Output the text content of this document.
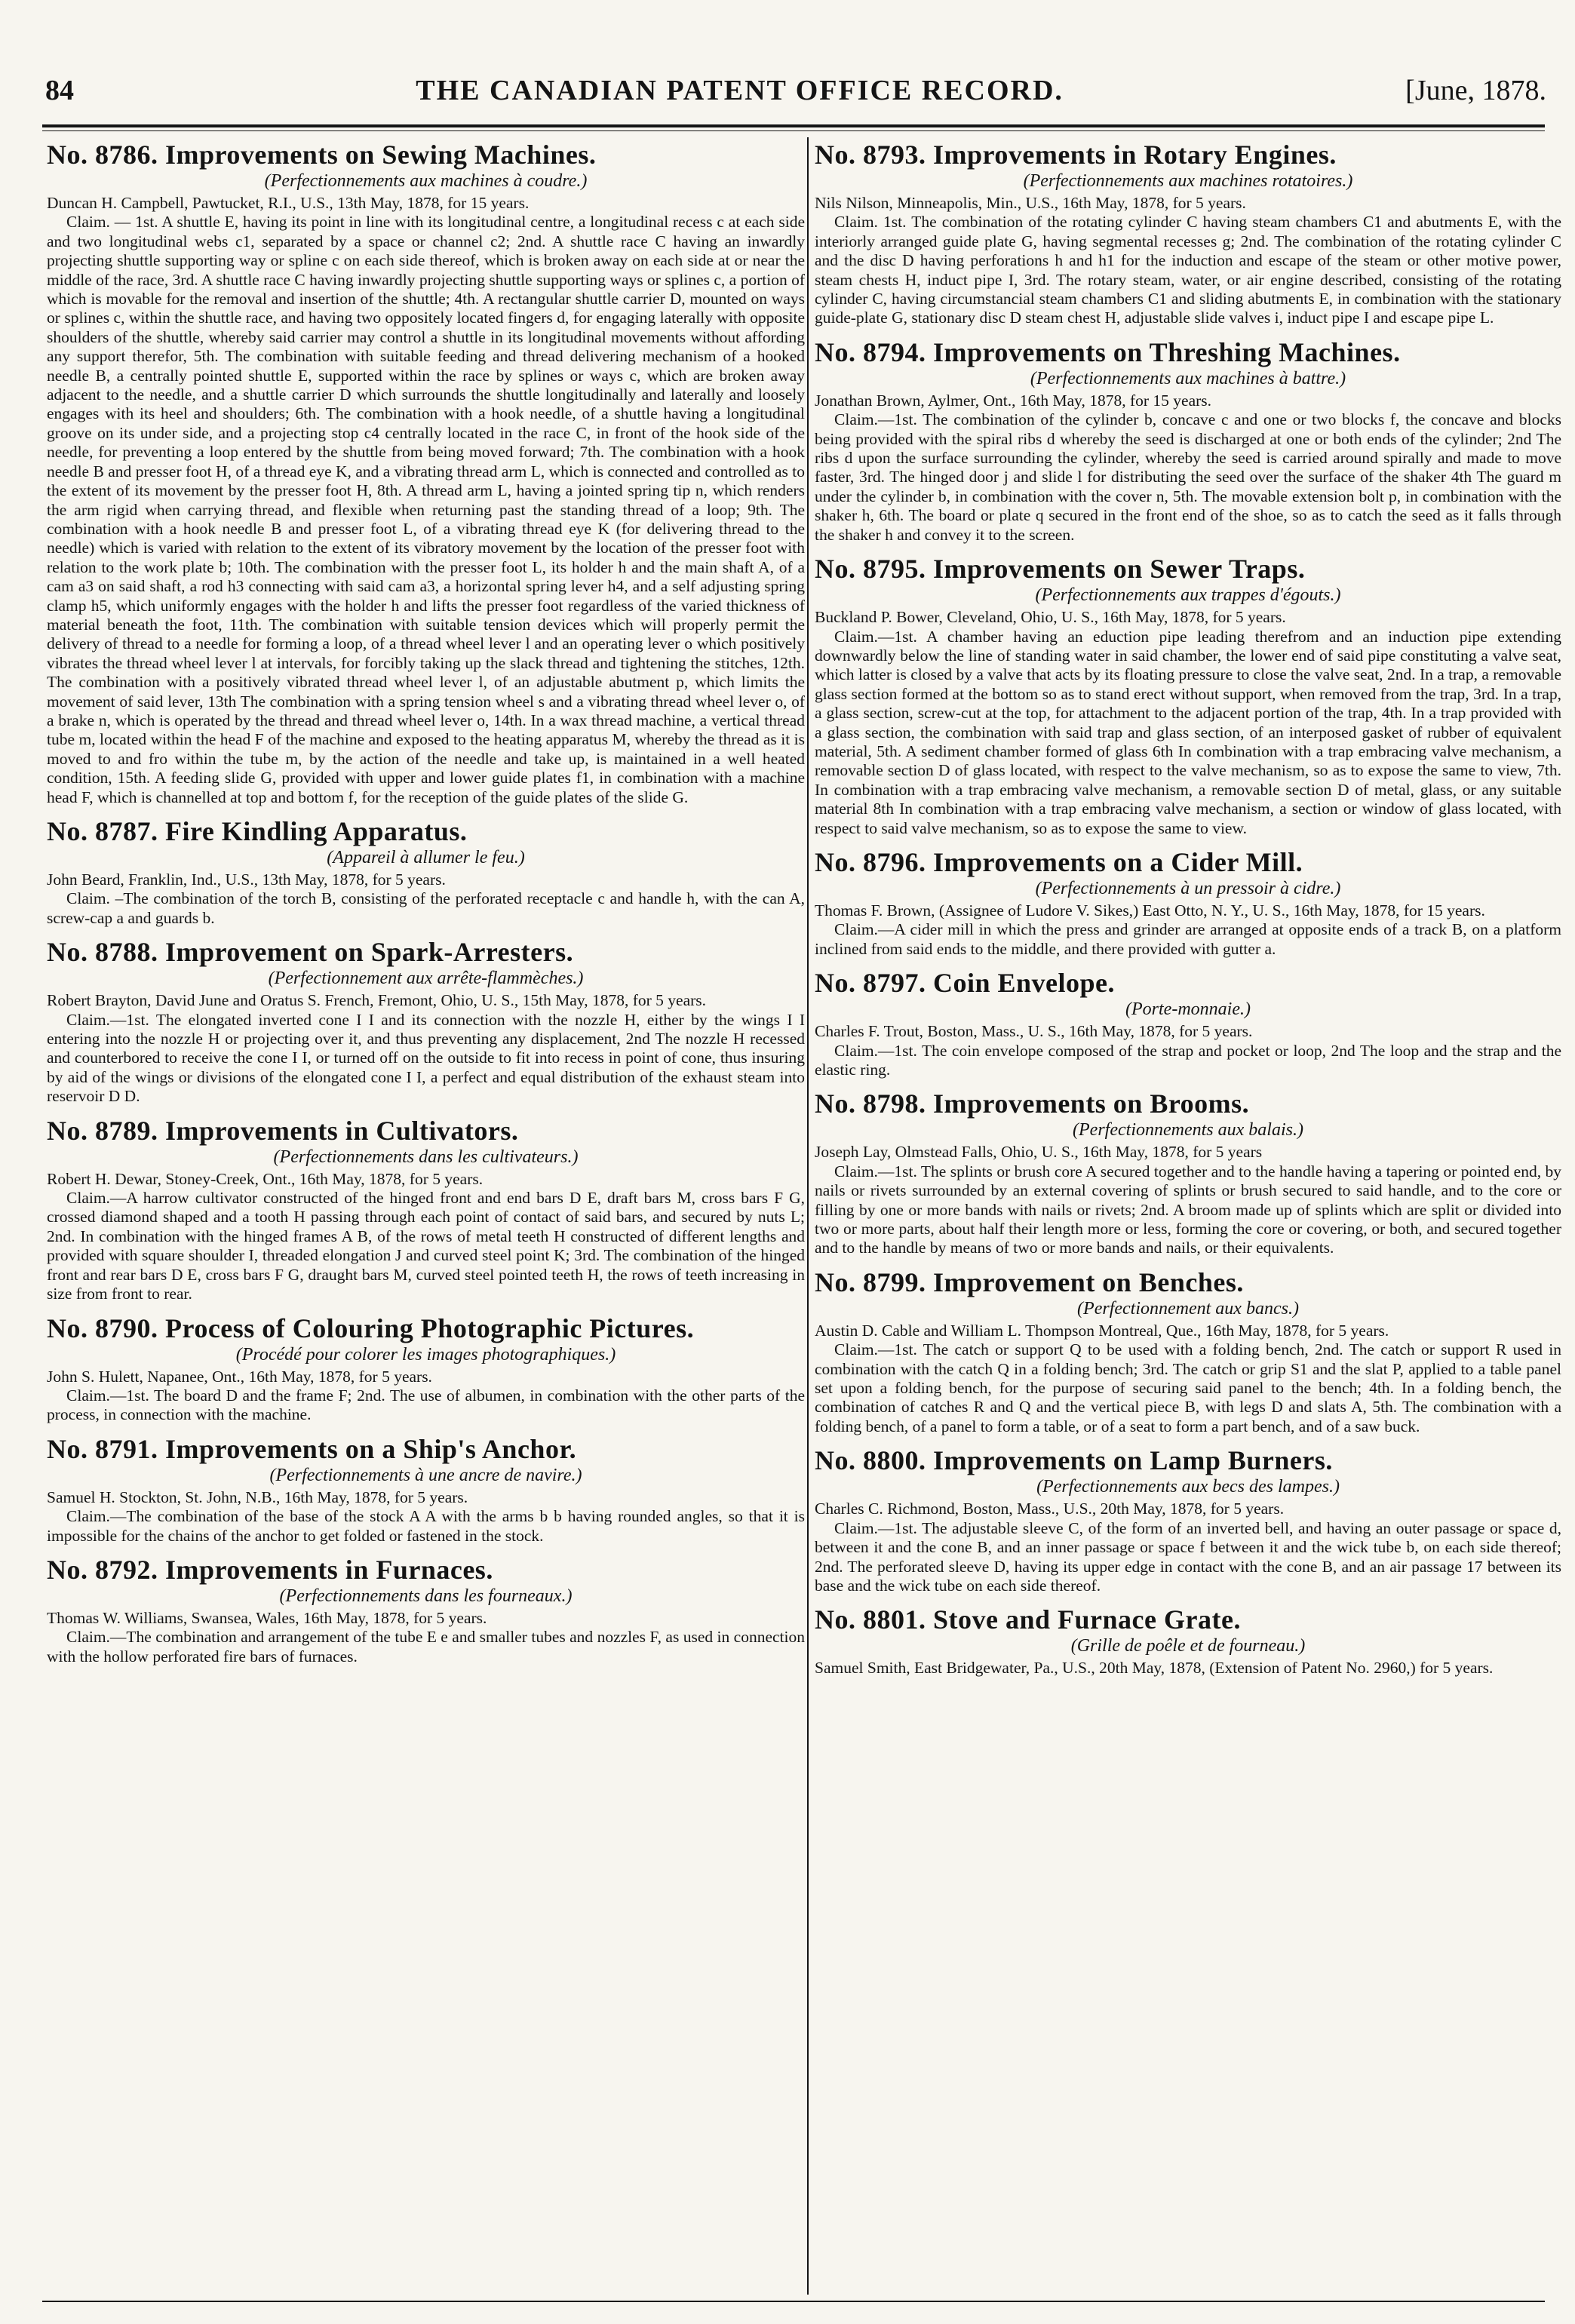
84	THE CANADIAN PATENT OFFICE RECORD.	[June, 1878.
No. 8786. Improvements on Sewing Machines.
(Perfectionnements aux machines à coudre.)

Duncan H. Campbell, Pawtucket, R.I., U.S., 13th May, 1878, for 15 years.

Claim. — 1st. A shuttle E, having its point in line with its longitudinal centre, a longitudinal recess c at each side and two longitudinal webs c1, separated by a space or channel c2; 2nd. A shuttle race C having an inwardly projecting shuttle supporting way or spline c on each side thereof, which is broken away on each side at or near the middle of the race, 3rd. A shuttle race C having inwardly projecting shuttle supporting ways or splines c, a portion of which is movable for the removal and insertion of the shuttle; 4th. A rectangular shuttle carrier D, mounted on ways or splines c, within the shuttle race, and having two oppositely located fingers d, for engaging laterally with opposite shoulders of the shuttle, whereby said carrier may control a shuttle in its longitudinal movements without affording any support therefor, 5th. The combination with suitable feeding and thread delivering mechanism of a hooked needle B, a centrally pointed shuttle E, supported within the race by splines or ways c, which are broken away adjacent to the needle, and a shuttle carrier D which surrounds the shuttle longitudinally and laterally and loosely engages with its heel and shoulders; 6th. The combination with a hook needle, of a shuttle having a longitudinal groove on its under side, and a projecting stop c4 centrally located in the race C, in front of the hook side of the needle, for preventing a loop entered by the shuttle from being moved forward; 7th. The combination with a hook needle B and presser foot H, of a thread eye K, and a vibrating thread arm L, which is connected and controlled as to the extent of its movement by the presser foot H, 8th. A thread arm L, having a jointed spring tip n, which renders the arm rigid when carrying thread, and flexible when returning past the standing thread of a loop; 9th. The combination with a hook needle B and presser foot L, of a vibrating thread eye K (for delivering thread to the needle) which is varied with relation to the extent of its vibratory movement by the location of the presser foot with relation to the work plate b; 10th. The combination with the presser foot L, its holder h and the main shaft A, of a cam a3 on said shaft, a rod h3 connecting with said cam a3, a horizontal spring lever h4, and a self adjusting spring clamp h5, which uniformly engages with the holder h and lifts the presser foot regardless of the varied thickness of material beneath the foot, 11th. The combination with suitable tension devices which will properly permit the delivery of thread to a needle for forming a loop, of a thread wheel lever l and an operating lever o which positively vibrates the thread wheel lever l at intervals, for forcibly taking up the slack thread and tightening the stitches, 12th. The combination with a positively vibrated thread wheel lever l, of an adjustable abutment p, which limits the movement of said lever, 13th The combination with a spring tension wheel s and a vibrating thread wheel lever o, of a brake n, which is operated by the thread and thread wheel lever o, 14th. In a wax thread machine, a vertical thread tube m, located within the head F of the machine and exposed to the heating apparatus M, whereby the thread as it is moved to and fro within the tube m, by the action of the needle and take up, is maintained in a well heated condition, 15th. A feeding slide G, provided with upper and lower guide plates f1, in combination with a machine head F, which is channelled at top and bottom f, for the reception of the guide plates of the slide G.

No. 8787. Fire Kindling Apparatus.
(Appareil à allumer le feu.)

John Beard, Franklin, Ind., U.S., 13th May, 1878, for 5 years.

Claim. –The combination of the torch B, consisting of the perforated receptacle c and handle h, with the can A, screw-cap a and guards b.

No. 8788. Improvement on Spark-Arresters.
(Perfectionnement aux arrête-flammèches.)

Robert Brayton, David June and Oratus S. French, Fremont, Ohio, U. S., 15th May, 1878, for 5 years.

Claim.—1st. The elongated inverted cone I I and its connection with the nozzle H, either by the wings I I entering into the nozzle H or projecting over it, and thus preventing any displacement, 2nd The nozzle H recessed and counterbored to receive the cone I I, or turned off on the outside to fit into recess in point of cone, thus insuring by aid of the wings or divisions of the elongated cone I I, a perfect and equal distribution of the exhaust steam into reservoir D D.

No. 8789. Improvements in Cultivators.
(Perfectionnements dans les cultivateurs.)

Robert H. Dewar, Stoney-Creek, Ont., 16th May, 1878, for 5 years.

Claim.—A harrow cultivator constructed of the hinged front and end bars D E, draft bars M, cross bars F G, crossed diamond shaped and a tooth H passing through each point of contact of said bars, and secured by nuts L; 2nd. In combination with the hinged frames A B, of the rows of metal teeth H constructed of different lengths and provided with square shoulder I, threaded elongation J and curved steel point K; 3rd. The combination of the hinged front and rear bars D E, cross bars F G, draught bars M, curved steel pointed teeth H, the rows of teeth increasing in size from front to rear.

No. 8790. Process of Colouring Photographic Pictures.
(Procédé pour colorer les images photographiques.)

John S. Hulett, Napanee, Ont., 16th May, 1878, for 5 years.

Claim.—1st. The board D and the frame F; 2nd. The use of albumen, in combination with the other parts of the process, in connection with the machine.

No. 8791. Improvements on a Ship's Anchor.
(Perfectionnements à une ancre de navire.)

Samuel H. Stockton, St. John, N.B., 16th May, 1878, for 5 years.

Claim.—The combination of the base of the stock A A with the arms b b having rounded angles, so that it is impossible for the chains of the anchor to get folded or fastened in the stock.

No. 8792. Improvements in Furnaces.
(Perfectionnements dans les fourneaux.)

Thomas W. Williams, Swansea, Wales, 16th May, 1878, for 5 years.

Claim.—The combination and arrangement of the tube E e and smaller tubes and nozzles F, as used in connection with the hollow perforated fire bars of furnaces.

No. 8793. Improvements in Rotary Engines.
(Perfectionnements aux machines rotatoires.)

Nils Nilson, Minneapolis, Min., U.S., 16th May, 1878, for 5 years.

Claim. 1st. The combination of the rotating cylinder C having steam chambers C1 and abutments E, with the interiorly arranged guide plate G, having segmental recesses g; 2nd. The combination of the rotating cylinder C and the disc D having perforations h and h1 for the induction and escape of the steam or other motive power, steam chests H, induct pipe I, 3rd. The rotary steam, water, or air engine described, consisting of the rotating cylinder C, having circumstancial steam chambers C1 and sliding abutments E, in combination with the stationary guide-plate G, stationary disc D steam chest H, adjustable slide valves i, induct pipe I and escape pipe L.

No. 8794. Improvements on Threshing Machines.
(Perfectionnements aux machines à battre.)

Jonathan Brown, Aylmer, Ont., 16th May, 1878, for 15 years.

Claim.—1st. The combination of the cylinder b, concave c and one or two blocks f, the concave and blocks being provided with the spiral ribs d whereby the seed is discharged at one or both ends of the cylinder; 2nd The ribs d upon the surface surrounding the cylinder, whereby the seed is carried around spirally and made to move faster, 3rd. The hinged door j and slide l for distributing the seed over the surface of the shaker 4th The guard m under the cylinder b, in combination with the cover n, 5th. The movable extension bolt p, in combination with the shaker h, 6th. The board or plate q secured in the front end of the shoe, so as to catch the seed as it falls through the shaker h and convey it to the screen.

No. 8795. Improvements on Sewer Traps.
(Perfectionnements aux trappes d'égouts.)

Buckland P. Bower, Cleveland, Ohio, U. S., 16th May, 1878, for 5 years.

Claim.—1st. A chamber having an eduction pipe leading therefrom and an induction pipe extending downwardly below the line of standing water in said chamber, the lower end of said pipe constituting a valve seat, which latter is closed by a valve that acts by its floating pressure to close the valve seat, 2nd. In a trap, a removable glass section formed at the bottom so as to stand erect without support, when removed from the trap, 3rd. In a trap, a glass section, screw-cut at the top, for attachment to the adjacent portion of the trap, 4th. In a trap provided with a glass section, the combination with said trap and glass section, of an interposed gasket of rubber of equivalent material, 5th. A sediment chamber formed of glass 6th In combination with a trap embracing valve mechanism, a removable section D of glass located, with respect to the valve mechanism, so as to expose the same to view, 7th. In combination with a trap embracing valve mechanism, a removable section D of metal, glass, or any suitable material 8th In combination with a trap embracing valve mechanism, a section or window of glass located, with respect to said valve mechanism, so as to expose the same to view.

No. 8796. Improvements on a Cider Mill.
(Perfectionnements à un pressoir à cidre.)

Thomas F. Brown, (Assignee of Ludore V. Sikes,) East Otto, N. Y., U. S., 16th May, 1878, for 15 years.

Claim.—A cider mill in which the press and grinder are arranged at opposite ends of a track B, on a platform inclined from said ends to the middle, and there provided with gutter a.

No. 8797. Coin Envelope.
(Porte-monnaie.)

Charles F. Trout, Boston, Mass., U. S., 16th May, 1878, for 5 years.

Claim.—1st. The coin envelope composed of the strap and pocket or loop, 2nd The loop and the strap and the elastic ring.

No. 8798. Improvements on Brooms.
(Perfectionnements aux balais.)

Joseph Lay, Olmstead Falls, Ohio, U. S., 16th May, 1878, for 5 years

Claim.—1st. The splints or brush core A secured together and to the handle having a tapering or pointed end, by nails or rivets surrounded by an external covering of splints or brush secured to said handle, and to the core or filling by one or more bands with nails or rivets; 2nd. A broom made up of splints which are split or divided into two or more parts, about half their length more or less, forming the core or covering, or both, and secured together and to the handle by means of two or more bands and nails, or their equivalents.

No. 8799. Improvement on Benches.
(Perfectionnement aux bancs.)

Austin D. Cable and William L. Thompson Montreal, Que., 16th May, 1878, for 5 years.

Claim.—1st. The catch or support Q to be used with a folding bench, 2nd. The catch or support R used in combination with the catch Q in a folding bench; 3rd. The catch or grip S1 and the slat P, applied to a table panel set upon a folding bench, for the purpose of securing said panel to the bench; 4th. In a folding bench, the combination of catches R and Q and the vertical piece B, with legs D and slats A, 5th. The combination with a folding bench, of a panel to form a table, or of a seat to form a part bench, and of a saw buck.

No. 8800. Improvements on Lamp Burners.
(Perfectionnements aux becs des lampes.)

Charles C. Richmond, Boston, Mass., U.S., 20th May, 1878, for 5 years.

Claim.—1st. The adjustable sleeve C, of the form of an inverted bell, and having an outer passage or space d, between it and the cone B, and an inner passage or space f between it and the wick tube b, on each side thereof; 2nd. The perforated sleeve D, having its upper edge in contact with the cone B, and an air passage 17 between its base and the wick tube on each side thereof.

No. 8801. Stove and Furnace Grate.
(Grille de poêle et de fourneau.)

Samuel Smith, East Bridgewater, Pa., U.S., 20th May, 1878, (Extension of Patent No. 2960,) for 5 years.
